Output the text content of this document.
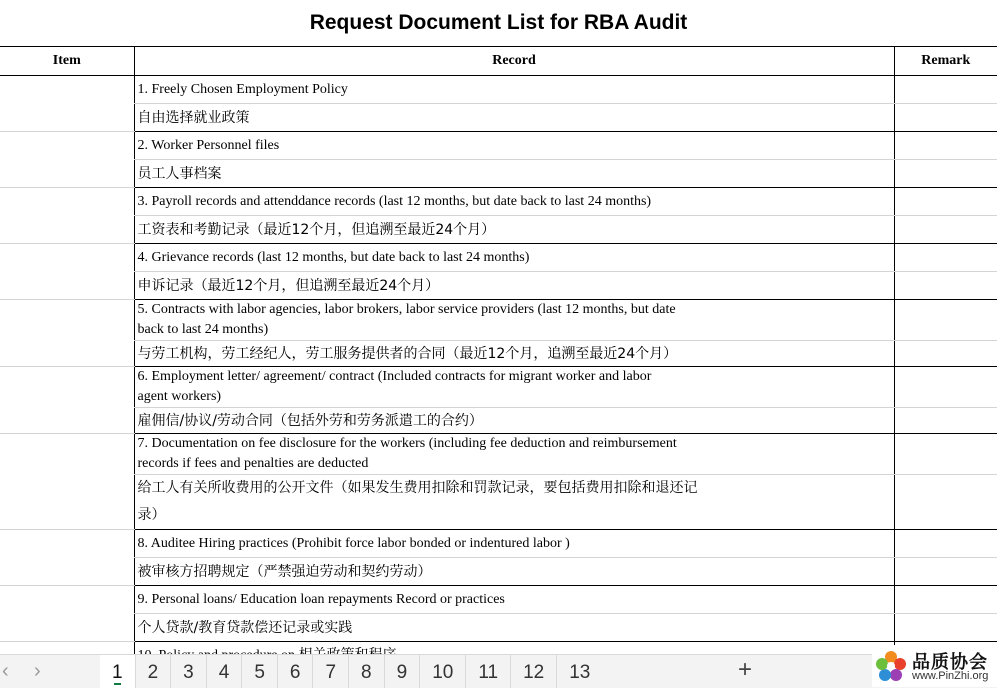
Request Document List for RBA Audit
Item	Record	Remark
	1. Freely Chosen Employment Policy	
	自由选择就业政策	
	2. Worker Personnel files	
	员工人事档案	
	3. Payroll records and attenddance records (last 12 months, but date back to last 24 months)	
	工资表和考勤记录（最近12个月，但追溯至最近24个月）	
	4. Grievance records (last 12 months, but date back to last 24 months)	
	申诉记录（最近12个月，但追溯至最近24个月）	
	5. Contracts with labor agencies, labor brokers, labor service providers (last 12 months, but date
back to last 24 months)	
	与劳工机构，劳工经纪人，劳工服务提供者的合同（最近12个月，追溯至最近24个月）	
	6. Employment letter/ agreement/ contract (Included contracts for migrant worker and labor
agent workers)	
	雇佣信/协议/劳动合同（包括外劳和劳务派遣工的合约）	
	7. Documentation on fee disclosure for the workers (including fee deduction and reimbursement
records if fees and penalties are deducted	
	给工人有关所收费用的公开文件（如果发生费用扣除和罚款记录，要包括费用扣除和退还记
录）	
	8. Auditee Hiring practices (Prohibit force labor bonded or indentured labor )	
	被审核方招聘规定（严禁强迫劳动和契约劳动）	
	9. Personal loans/ Education loan repayments Record or practices	
	个人贷款/教育贷款偿还记录或实践	

‹ ›	1	2	3	4	5	6	7	8	9	10	11	12	13	+	品质协会
www.PinZhi.org
